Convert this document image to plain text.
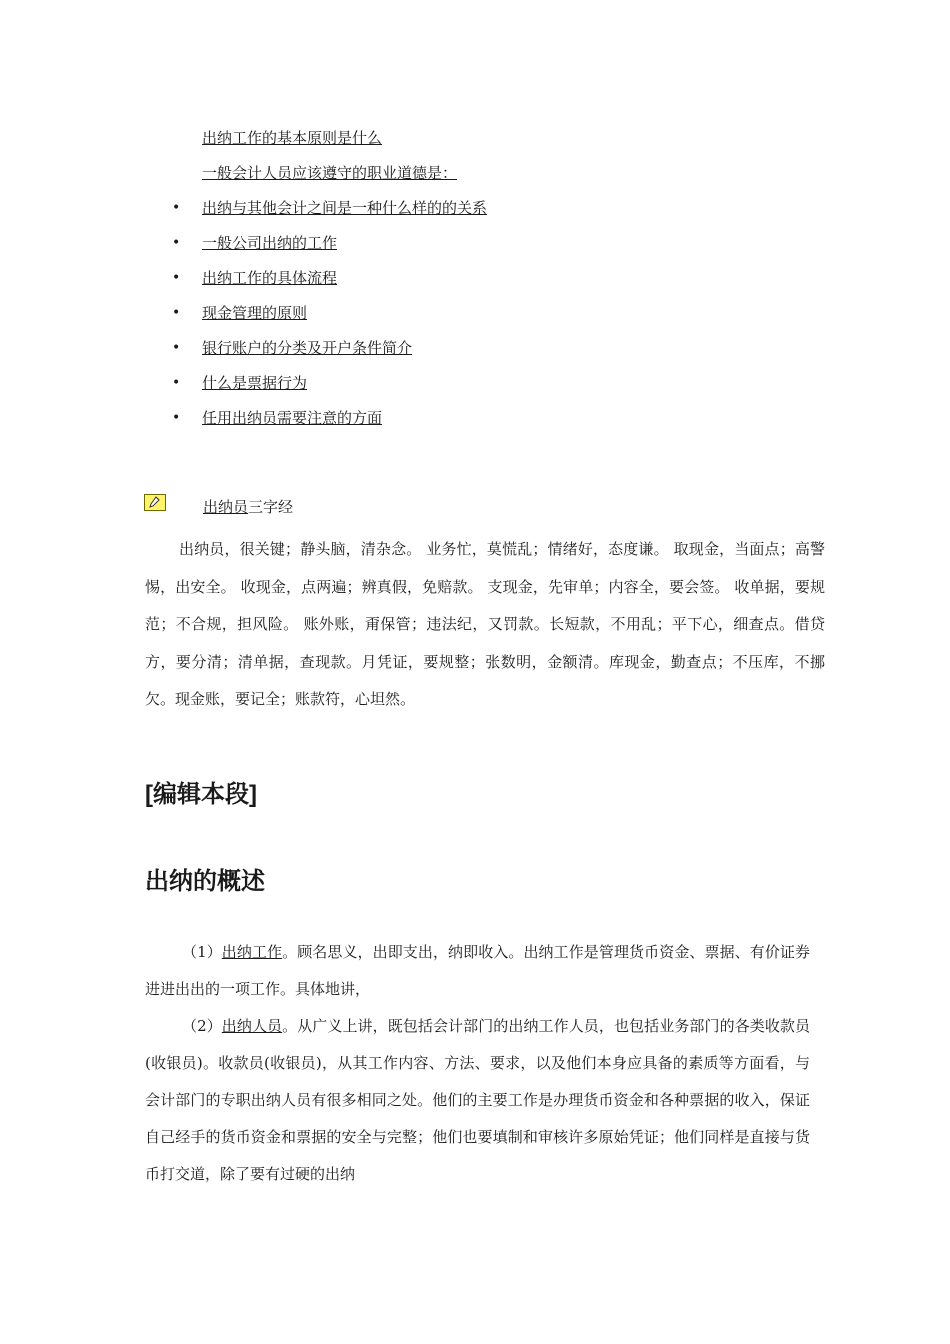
出纳工作的基本原则是什么
一般会计人员应该遵守的职业道德是：
• 出纳与其他会计之间是一种什么样的的关系
• 一般公司出纳的工作
• 出纳工作的具体流程
• 现金管理的原则
• 银行账户的分类及开户条件简介
• 什么是票据行为
• 任用出纳员需要注意的方面
出纳员三字经

出纳员，很关键；静头脑，清杂念。 业务忙，莫慌乱；情绪好，态度谦。 取现金，当面点；高警惕，出安全。 收现金，点两遍；辨真假，免赔款。 支现金，先审单；内容全，要会签。 收单据，要规范；不合规，担风险。 账外账，甭保管；违法纪，又罚款。长短款，不用乱；平下心，细查点。借贷方，要分清；清单据，查现款。月凭证，要规整；张数明，金额清。库现金，勤查点；不压库，不挪欠。现金账，要记全；账款符，心坦然。

[编辑本段]
出纳的概述

（1）出纳工作。顾名思义，出即支出，纳即收入。出纳工作是管理货币资金、票据、有价证券进进出出的一项工作。具体地讲，

（2）出纳人员。从广义上讲，既包括会计部门的出纳工作人员，也包括业务部门的各类收款员(收银员)。收款员(收银员)，从其工作内容、方法、要求，以及他们本身应具备的素质等方面看，与会计部门的专职出纳人员有很多相同之处。他们的主要工作是办理货币资金和各种票据的收入，保证自己经手的货币资金和票据的安全与完整；他们也要填制和审核许多原始凭证；他们同样是直接与货币打交道，除了要有过硬的出纳
